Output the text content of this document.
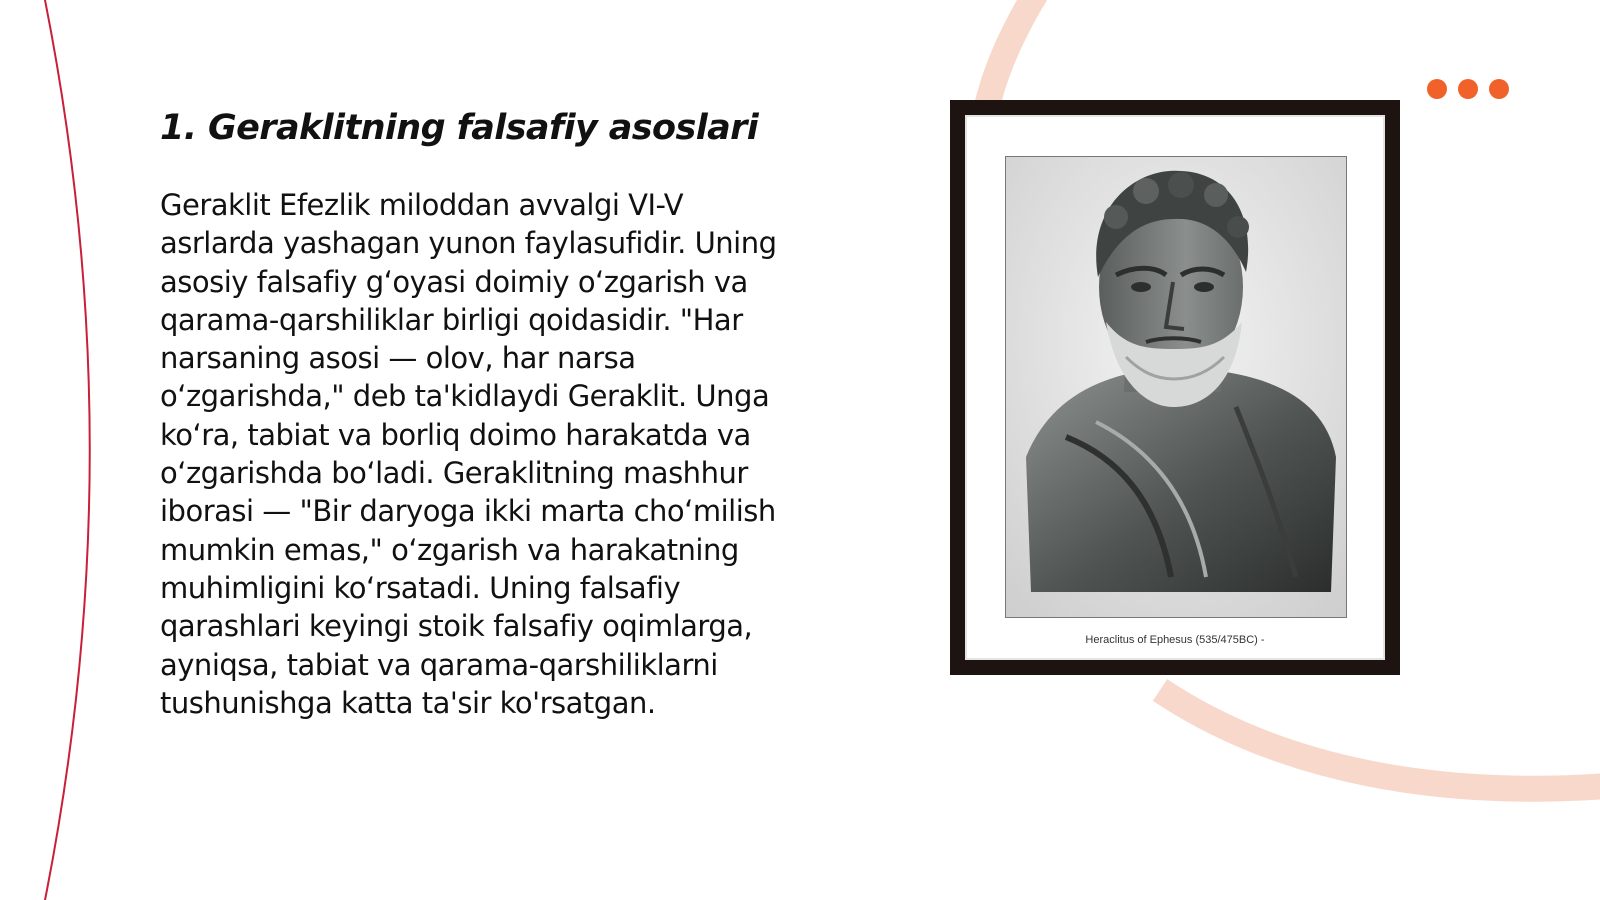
1. Geraklitning falsafiy asoslari

Geraklit Efezlik miloddan avvalgi VI-V
asrlarda yashagan yunon faylasufidir. Uning
asosiy falsafiy g‘oyasi doimiy o‘zgarish va
qarama-qarshiliklar birligi qoidasidir. "Har
narsaning asosi — olov, har narsa
o‘zgarishda," deb ta'kidlaydi Geraklit. Unga
ko‘ra, tabiat va borliq doimo harakatda va
o‘zgarishda bo‘ladi. Geraklitning mashhur
iborasi — "Bir daryoga ikki marta cho‘milish
mumkin emas," o‘zgarish va harakatning
muhimligini ko‘rsatadi. Uning falsafiy
qarashlari keyingi stoik falsafiy oqimlarga,
ayniqsa, tabiat va qarama-qarshiliklarni
tushunishga katta ta'sir ko'rsatgan.

Heraclitus of Ephesus (535/475BC) -
